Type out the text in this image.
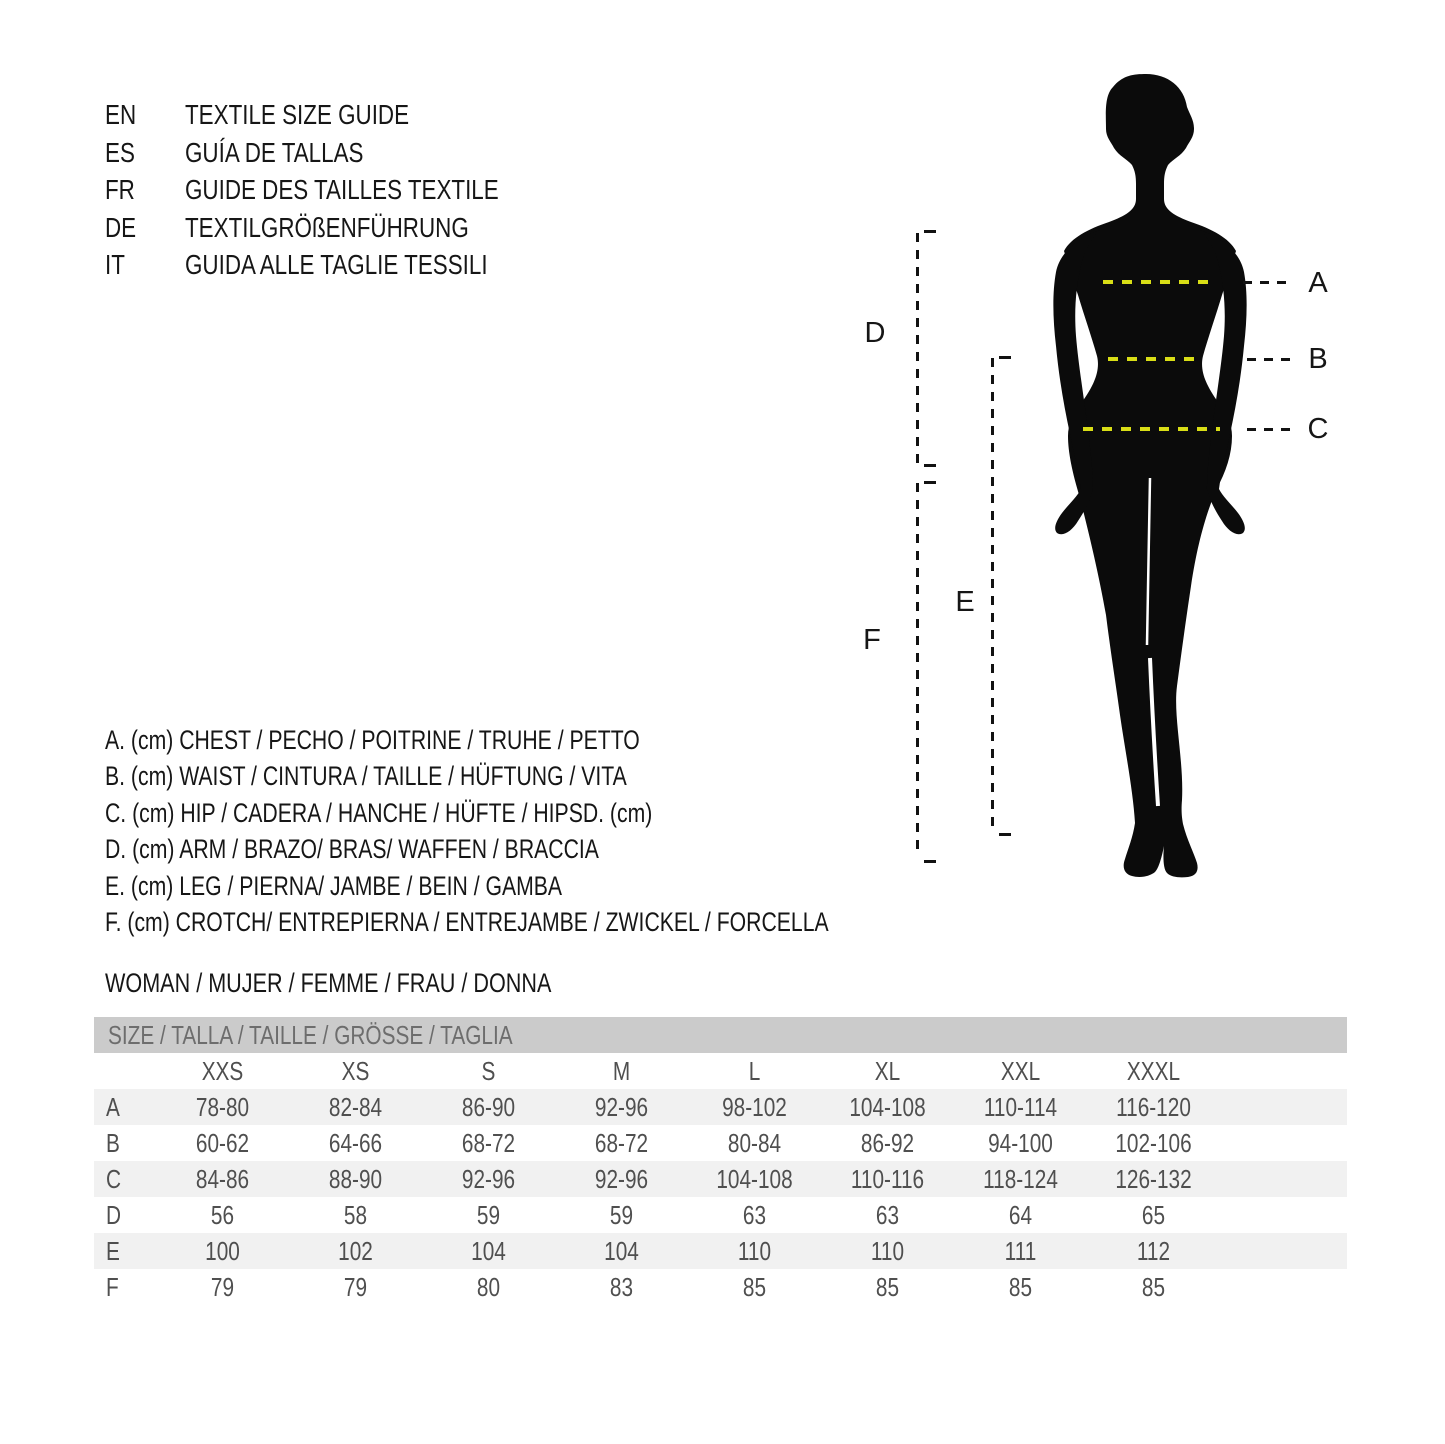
EN	TEXTILE SIZE GUIDE
ES	GUÍA DE TALLAS
FR	GUIDE DES TAILLES TEXTILE
DE	TEXTILGRÖßENFÜHRUNG
IT	GUIDA ALLE TAGLIE TESSILI
A
B
C
D
F
E
A. (cm) CHEST / PECHO / POITRINE / TRUHE / PETTO
B. (cm) WAIST / CINTURA / TAILLE / HÜFTUNG / VITA
C. (cm) HIP / CADERA / HANCHE / HÜFTE / HIPSD. (cm)
D. (cm) ARM / BRAZO/ BRAS/ WAFFEN / BRACCIA
E. (cm) LEG / PIERNA/ JAMBE / BEIN / GAMBA
F. (cm) CROTCH/ ENTREPIERNA / ENTREJAMBE / ZWICKEL / FORCELLA
WOMAN / MUJER / FEMME / FRAU / DONNA
SIZE / TALLA / TAILLE / GRÖSSE / TAGLIA

	XXS	XS	S	M	L	XL	XXL	XXXL	

A	78-80	82-84	86-90	92-96	98-102	104-108	110-114	116-120	

B	60-62	64-66	68-72	68-72	80-84	86-92	94-100	102-106	

C	84-86	88-90	92-96	92-96	104-108	110-116	118-124	126-132	

D	56	58	59	59	63	63	64	65	

E	100	102	104	104	110	110	111	112	

F	79	79	80	83	85	85	85	85	
